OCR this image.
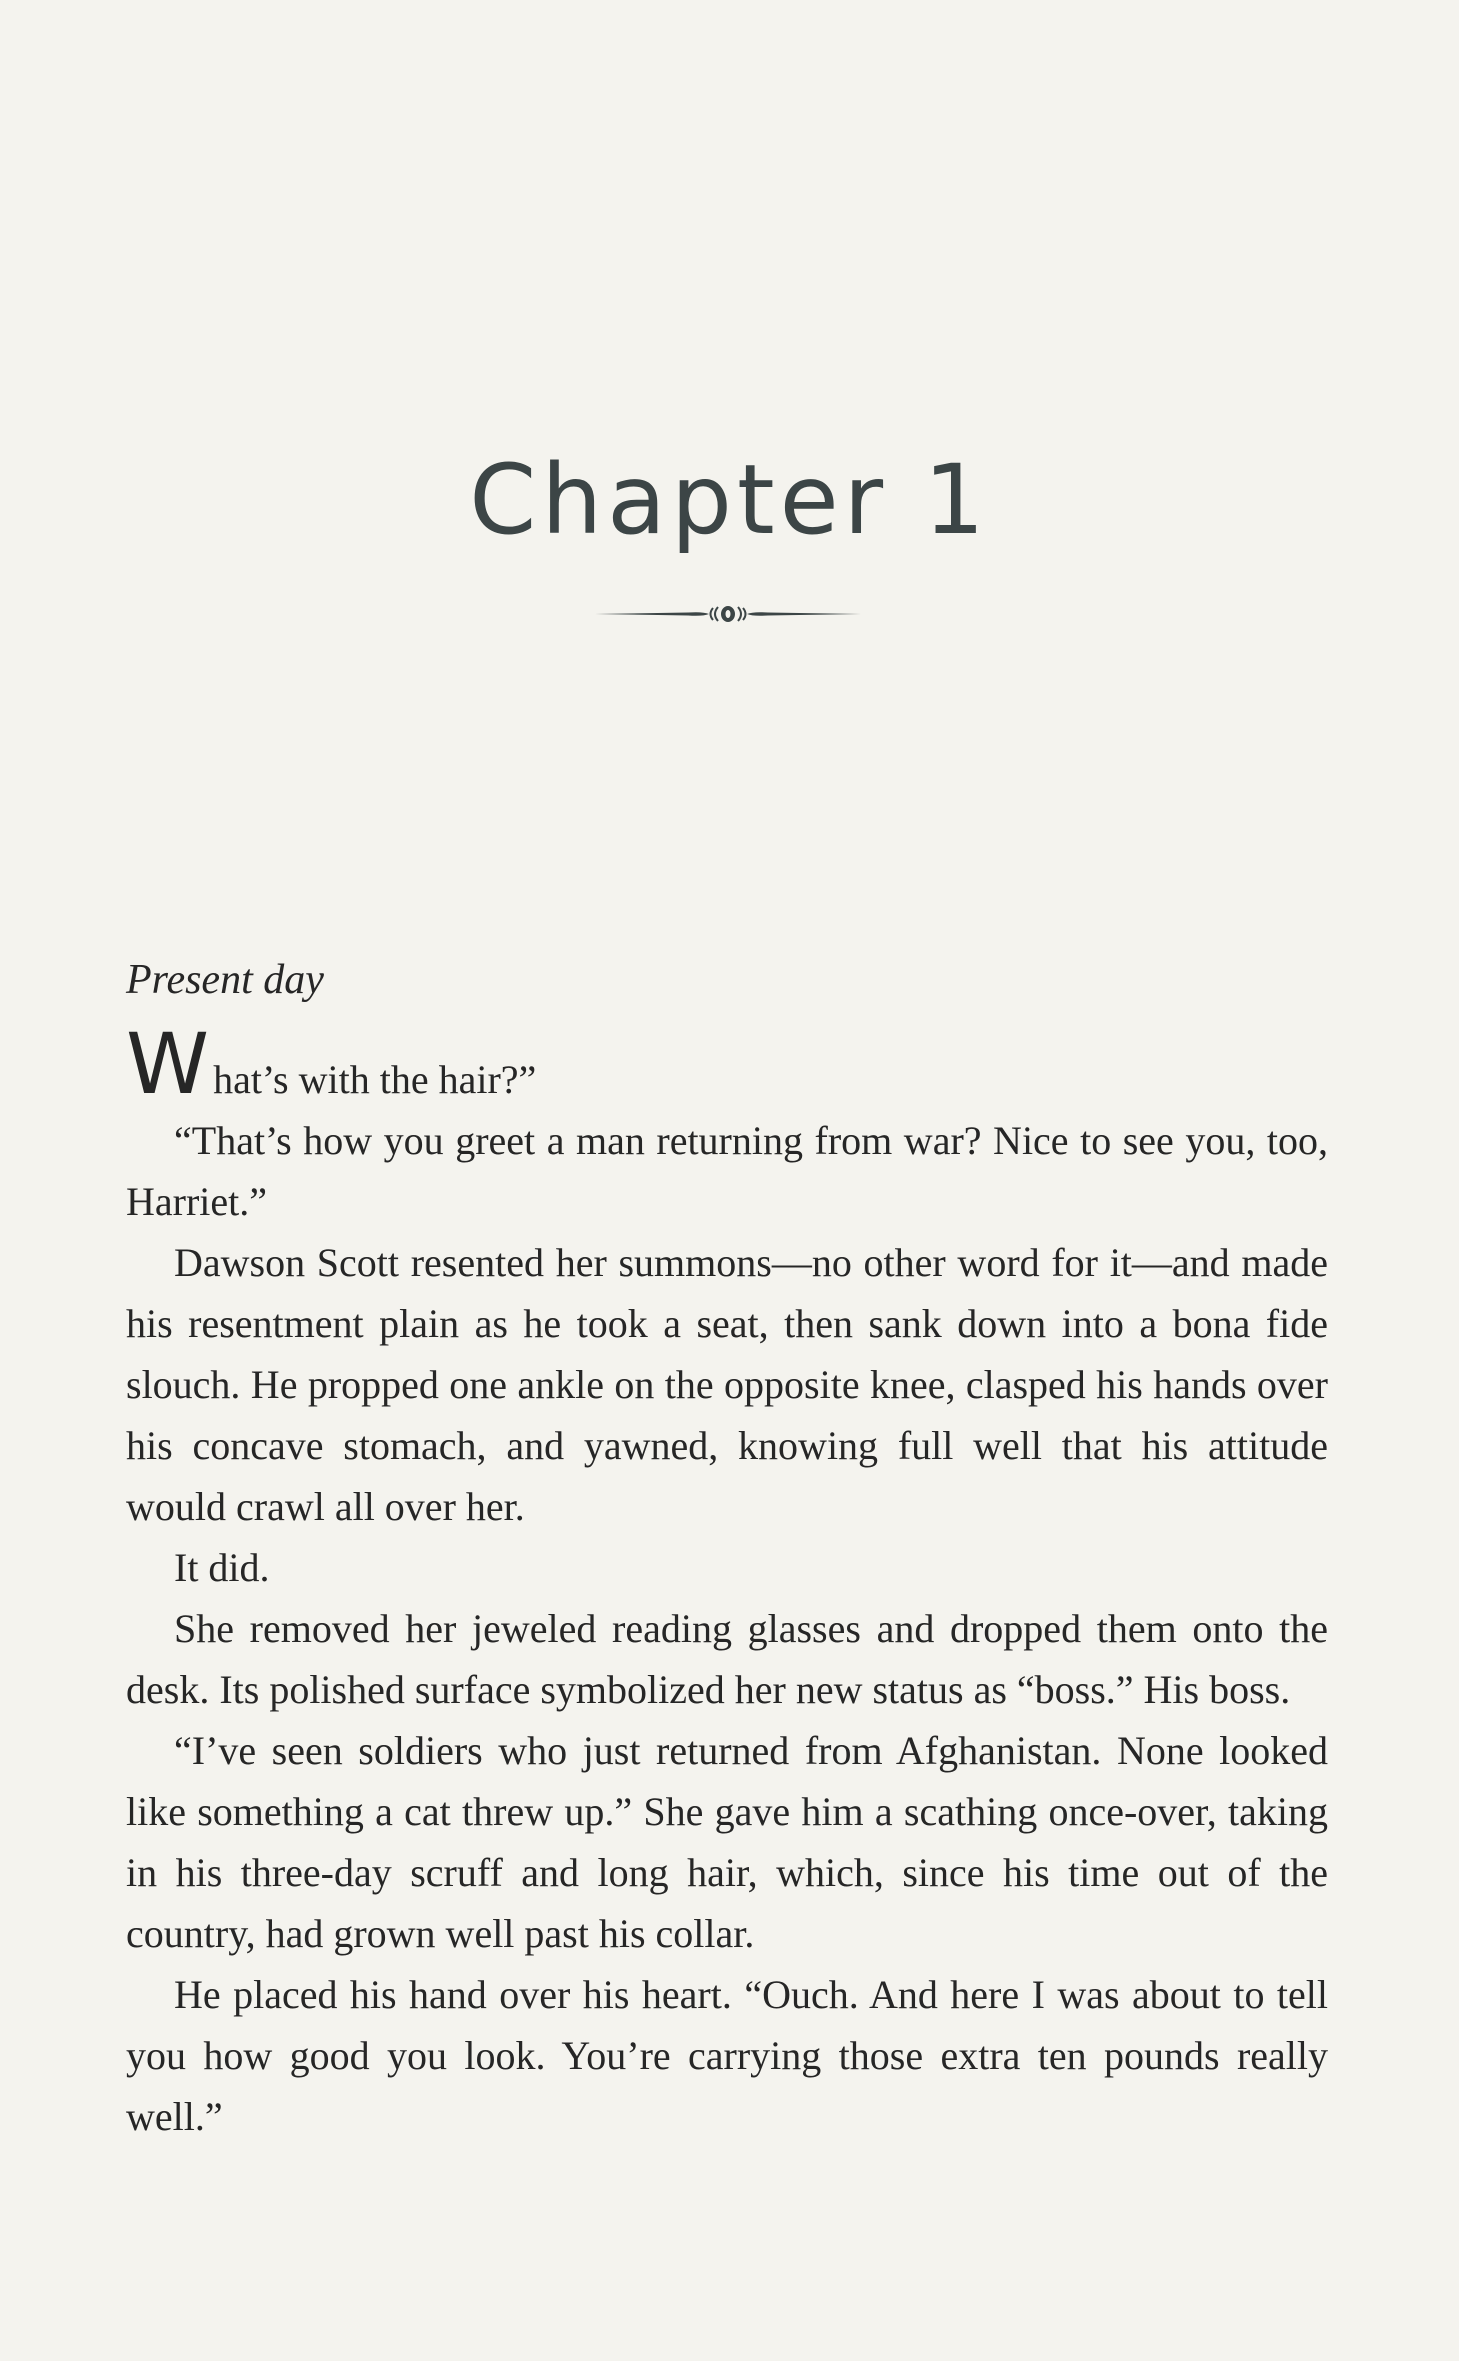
Chapter 1

Present day

What’s with the hair?”

“That’s how you greet a man returning from war? Nice to see you, too, Harriet.”

Dawson Scott resented her summons—no other word for it—and made his resentment plain as he took a seat, then sank down into a bona fide slouch. He propped one ankle on the opposite knee, clasped his hands over his concave stomach, and yawned, knowing full well that his attitude would crawl all over her.

It did.

She removed her jeweled reading glasses and dropped them onto the desk. Its polished surface symbolized her new status as “boss.” His boss.

“I’ve seen soldiers who just returned from Afghanistan. None looked like something a cat threw up.” She gave him a scathing once-over, taking in his three-day scruff and long hair, which, since his time out of the country, had grown well past his collar.

He placed his hand over his heart. “Ouch. And here I was about to tell you how good you look. You’re carrying those extra ten pounds really well.”
